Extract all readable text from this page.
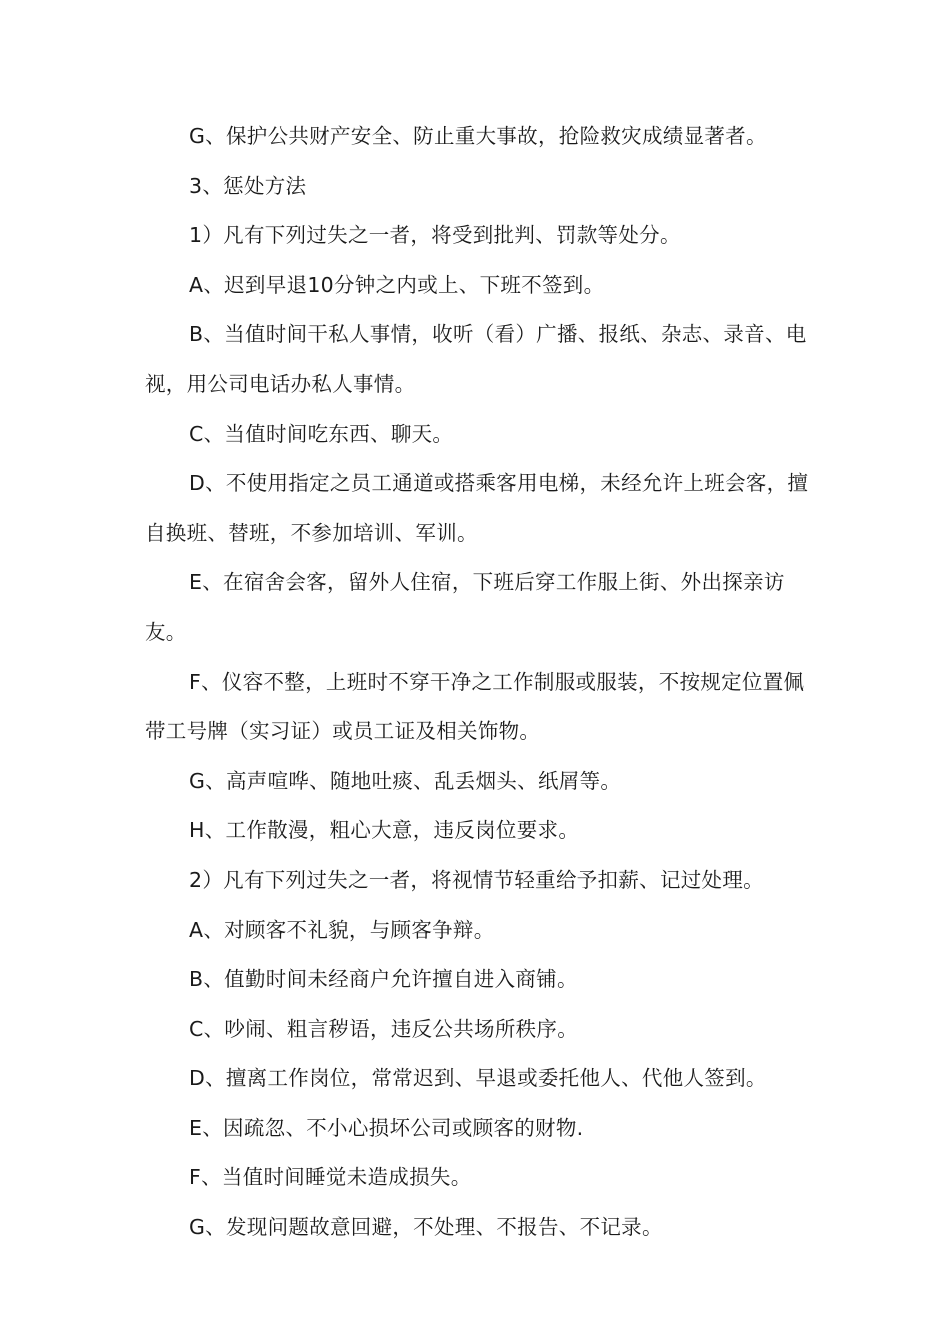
G、保护公共财产安全、防止重大事故，抢险救灾成绩显著者。

3、惩处方法

1）凡有下列过失之一者，将受到批判、罚款等处分。

A、迟到早退10分钟之内或上、下班不签到。

B、当值时间干私人事情，收听（看）广播、报纸、杂志、录音、电视，用公司电话办私人事情。

C、当值时间吃东西、聊天。

D、不使用指定之员工通道或搭乘客用电梯，未经允许上班会客，擅自换班、替班，不参加培训、军训。

E、在宿舍会客，留外人住宿，下班后穿工作服上街、外出探亲访友。

F、仪容不整，上班时不穿干净之工作制服或服装，不按规定位置佩带工号牌（实习证）或员工证及相关饰物。

G、高声喧哗、随地吐痰、乱丢烟头、纸屑等。

H、工作散漫，粗心大意，违反岗位要求。

2）凡有下列过失之一者，将视情节轻重给予扣薪、记过处理。

A、对顾客不礼貌，与顾客争辩。

B、值勤时间未经商户允许擅自进入商铺。

C、吵闹、粗言秽语，违反公共场所秩序。

D、擅离工作岗位，常常迟到、早退或委托他人、代他人签到。

E、因疏忽、不小心损坏公司或顾客的财物.

F、当值时间睡觉未造成损失。

G、发现问题故意回避，不处理、不报告、不记录。
